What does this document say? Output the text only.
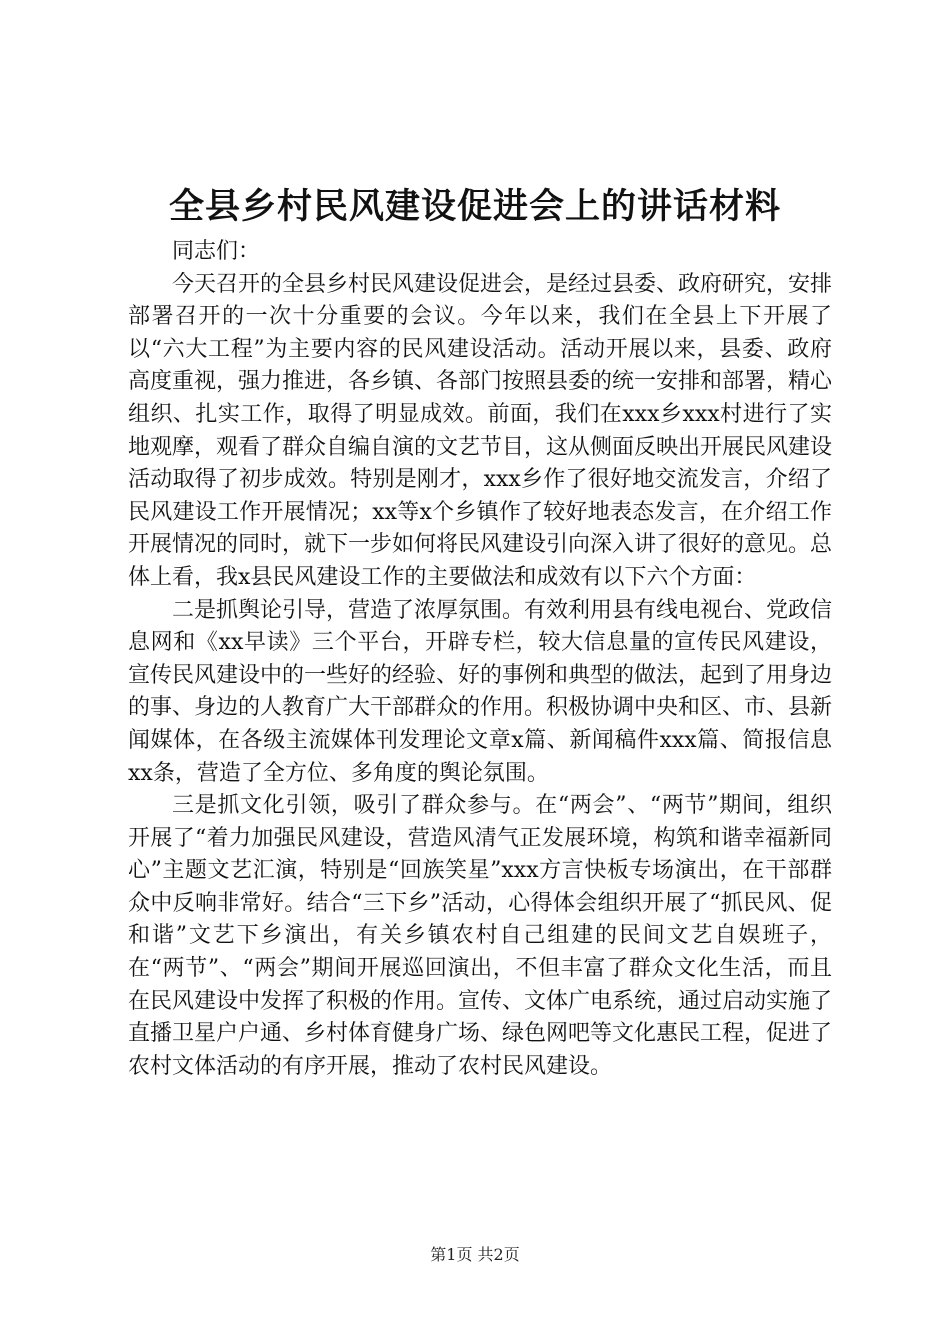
全县乡村民风建设促进会上的讲话材料

同志们：

今天召开的全县乡村民风建设促进会，是经过县委、政府研究，安排部署召开的一次十分重要的会议。今年以来，我们在全县上下开展了以“六大工程”为主要内容的民风建设活动。活动开展以来，县委、政府高度重视，强力推进，各乡镇、各部门按照县委的统一安排和部署，精心组织、扎实工作，取得了明显成效。前面，我们在xxx乡xxx村进行了实地观摩，观看了群众自编自演的文艺节目，这从侧面反映出开展民风建设活动取得了初步成效。特别是刚才，xxx乡作了很好地交流发言，介绍了民风建设工作开展情况；xx等x个乡镇作了较好地表态发言，在介绍工作开展情况的同时，就下一步如何将民风建设引向深入讲了很好的意见。总体上看，我x县民风建设工作的主要做法和成效有以下六个方面：

二是抓舆论引导，营造了浓厚氛围。有效利用县有线电视台、党政信息网和《xx早读》三个平台，开辟专栏，较大信息量的宣传民风建设，宣传民风建设中的一些好的经验、好的事例和典型的做法，起到了用身边的事、身边的人教育广大干部群众的作用。积极协调中央和区、市、县新闻媒体，在各级主流媒体刊发理论文章x篇、新闻稿件xxx篇、简报信息xx条，营造了全方位、多角度的舆论氛围。

三是抓文化引领，吸引了群众参与。在“两会”、“两节”期间，组织开展了“着力加强民风建设，营造风清气正发展环境，构筑和谐幸福新同心”主题文艺汇演，特别是“回族笑星”xxx方言快板专场演出，在干部群众中反响非常好。结合“三下乡”活动，心得体会组织开展了“抓民风、促和谐”文艺下乡演出，有关乡镇农村自己组建的民间文艺自娱班子，在“两节”、“两会”期间开展巡回演出，不但丰富了群众文化生活，而且在民风建设中发挥了积极的作用。宣传、文体广电系统，通过启动实施了直播卫星户户通、乡村体育健身广场、绿色网吧等文化惠民工程，促进了农村文体活动的有序开展，推动了农村民风建设。

第1页 共2页
